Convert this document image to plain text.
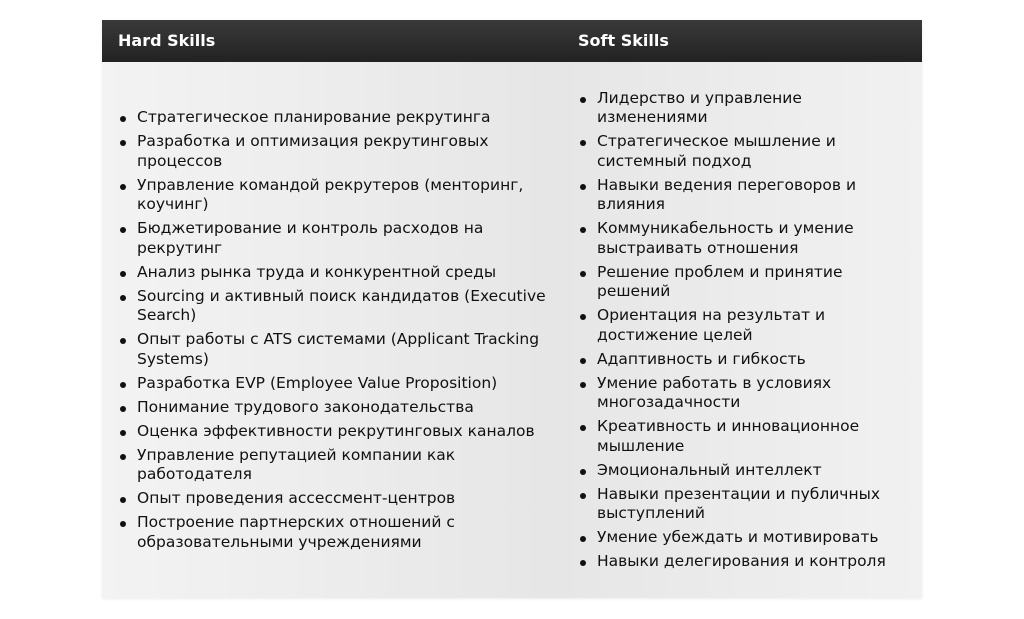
Hard Skills	Soft Skills
Стратегическое планирование рекрутинга
Разработка и оптимизация рекрутинговых процессов
Управление командой рекрутеров (менторинг, коучинг)
Бюджетирование и контроль расходов на рекрутинг
Анализ рынка труда и конкурентной среды
Sourcing и активный поиск кандидатов (Executive Search)
Опыт работы с ATS системами (Applicant Tracking Systems)
Разработка EVP (Employee Value Proposition)
Понимание трудового законодательства
Оценка эффективности рекрутинговых каналов
Управление репутацией компании как работодателя
Опыт проведения ассессмент-центров
Построение партнерских отношений с образовательными учреждениями
Лидерство и управление изменениями
Стратегическое мышление и системный подход
Навыки ведения переговоров и влияния
Коммуникабельность и умение выстраивать отношения
Решение проблем и принятие решений
Ориентация на результат и достижение целей
Адаптивность и гибкость
Умение работать в условиях многозадачности
Креативность и инновационное мышление
Эмоциональный интеллект
Навыки презентации и публичных выступлений
Умение убеждать и мотивировать
Навыки делегирования и контроля
